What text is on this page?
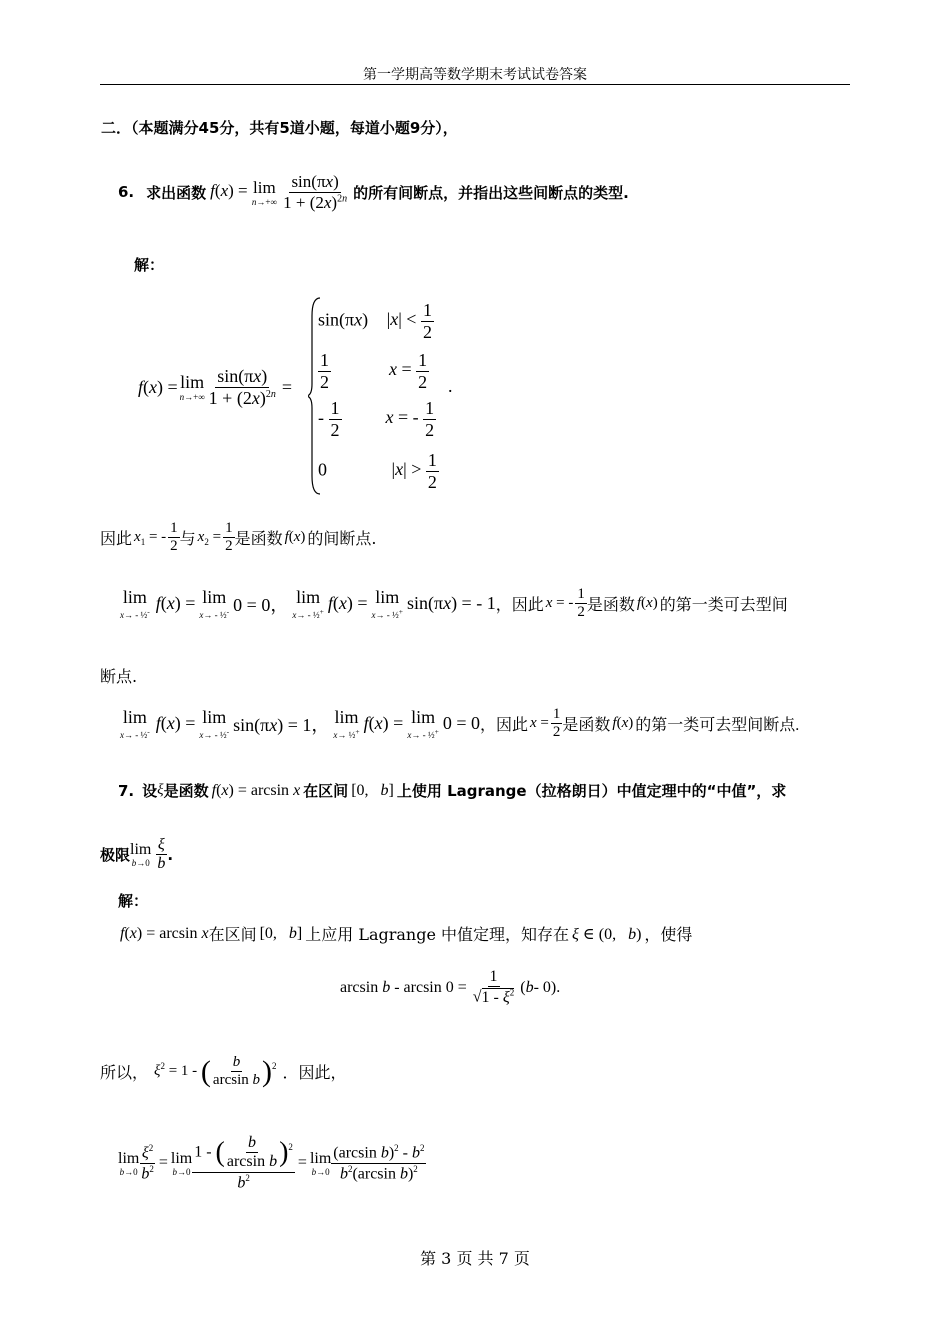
第一学期高等数学期末考试试卷答案
二．（本题满分45分，共有5道小题，每道小题9分），
6. 求出函数 f(x) = lim
n→+∞
$\frac{\sin(\pi x)}{1 + (2x)^{2n}}$ 的所有间断点，并指出这些间断点的类型.
解：
f ( x ) = lim
$n\to+\infty \frac{\sin(\pi x)}{1 + (2x)^{2n}}$ =
sin(πx) $|x| < \frac{1}{2}$
$\frac{1}{2}$	$x = \frac{1}{2}$
- $\frac{1}{2}$ x = - $\frac{1}{2}$
0	$|x| > \frac{1}{2}$
.
因此 $x_1$ = - $\frac{1}{2}$ 与 $x_2 = \frac{1}{2}$ 是函数 f(x) 的间断点.
lim
x→ - ½- f(x) = lim
x→ - ½- 0 = 0， lim
x→ - ½+ f(x) = lim
x→ - ½+ sin(πx) = - 1 ，因此 x = - $\frac{1}{2}$ 是函数 f(x) 的第一类可去型间
断点.
lim
x→ - ½- f(x) = lim
x→ - ½- sin(πx) = 1， lim
x→ ½+ f(x) = lim
x→ - ½+ 0 = 0 ，因此 $x = \frac{1}{2}$ 是函数 f(x) 的第一类可去型间断点.
7. 设 ξ 是函数 f(x) = arcsin x 在区间 [0,   b] 上使用 Lagrange（拉格朗日）中值定理中的“中值”，求
极限 lim
b→0
$\frac{\xi}{b}$ .
解：
f(x) = arcsin x 在区间 [0,   b] 上应用 Lagrange 中值定理，知存在 ξ ∈ (0,   b) ，使得
$\arcsin b - \arcsin 0 = \frac{1}{√1 - \xi^2}$ ( b - 0).
所以， $\xi^2 = 1$ - ( $\frac{b}{\text{arcsin b}} )^2$ ．因此，
lim
$b\to 0 \frac{\xi^2}{b^2} = \lim$
$b\to 0 \frac{1 - ( \frac{b}{\text{arcsin b}} )^2}{b^2} = \lim$
$b\to 0 \frac{(\arcsin b)^2 - b^2}{b^2(\arcsin b)^2}$
第 3 页 共 7 页
